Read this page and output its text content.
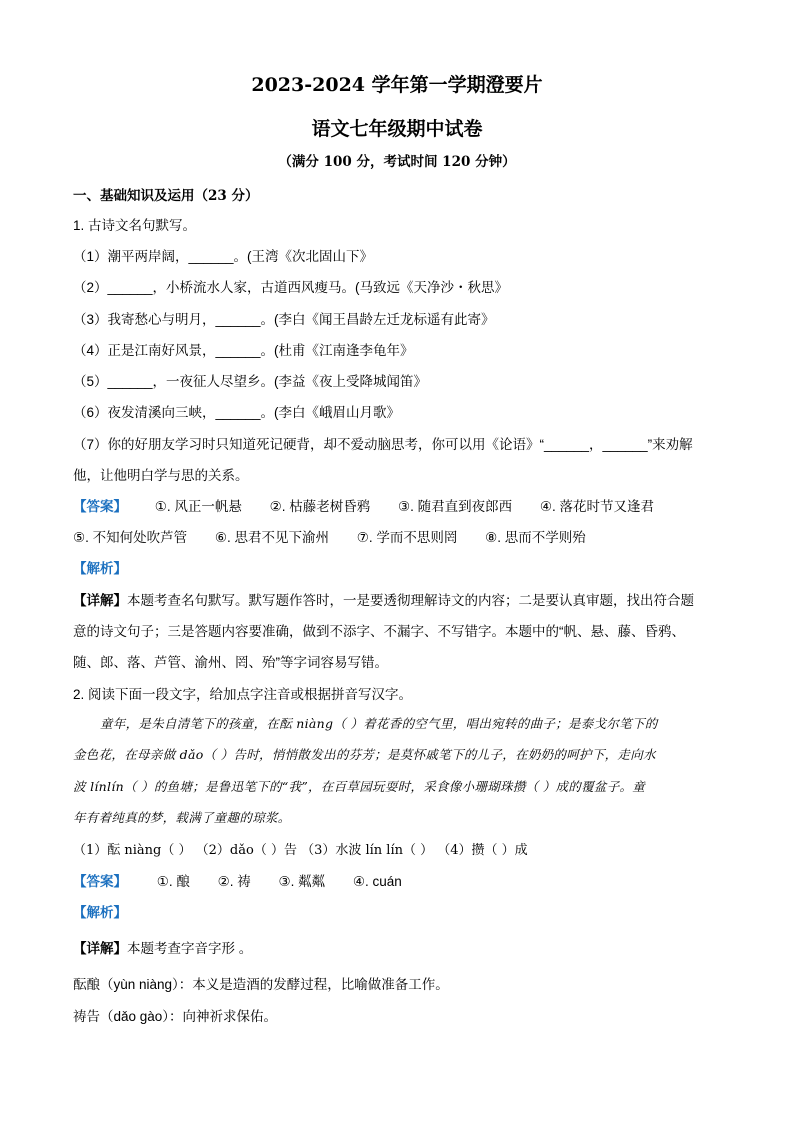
2023-2024 学年第一学期澄要片
语文七年级期中试卷
（满分 100 分，考试时间 120 分钟）
一、基础知识及运用（23 分）
1. 古诗文名句默写。
（1）潮平两岸阔，______。(王湾《次北固山下》
（2）______，小桥流水人家，古道西风瘦马。(马致远《天净沙・秋思》
（3）我寄愁心与明月，______。(李白《闻王昌龄左迁龙标遥有此寄》
（4）正是江南好风景，______。(杜甫《江南逢李龟年》
（5）______，一夜征人尽望乡。(李益《夜上受降城闻笛》
（6）夜发清溪向三峡，______。(李白《峨眉山月歌》
（7）你的好朋友学习时只知道死记硬背，却不爱动脑思考，你可以用《论语》“______，______”来劝解
他，让他明白学与思的关系。
【答案】 ①. 风正一帆悬 ②. 枯藤老树昏鸦 ③. 随君直到夜郎西 ④. 落花时节又逢君
⑤. 不知何处吹芦管 ⑥. 思君不见下渝州 ⑦. 学而不思则罔 ⑧. 思而不学则殆
【解析】
【详解】本题考查名句默写。默写题作答时，一是要透彻理解诗文的内容；二是要认真审题，找出符合题
意的诗文句子；三是答题内容要准确，做到不添字、不漏字、不写错字。本题中的“帆、悬、藤、昏鸦、
随、郎、落、芦管、渝州、罔、殆”等字词容易写错。
2. 阅读下面一段文字，给加点字注音或根据拼音写汉字。
童年，是朱自清笔下的孩童，在酝 niàng（ ）着花香的空气里，唱出宛转的曲子；是泰戈尔笔下的
金色花，在母亲做 dǎo（ ）告时，悄悄散发出的芬芳；是莫怀戚笔下的儿子，在奶奶的呵护下，走向水
波 línlín（ ）的鱼塘；是鲁迅笔下的“我”，在百草园玩耍时，采食像小珊瑚珠攒（ ）成的覆盆子。童
年有着纯真的梦，载满了童趣的琼浆。
（1）酝 niàng（ ） （2）dǎo（ ）告 （3）水波 lín lín（ ） （4）攒（ ）成
【答案】 ①. 酿 ②. 祷 ③. 粼粼 ④. cuán
【解析】
【详解】本题考查字音字形 。
酝酿（yùn niàng）：本义是造酒的发酵过程，比喻做准备工作。
祷告（dǎo gào）：向神祈求保佑。
